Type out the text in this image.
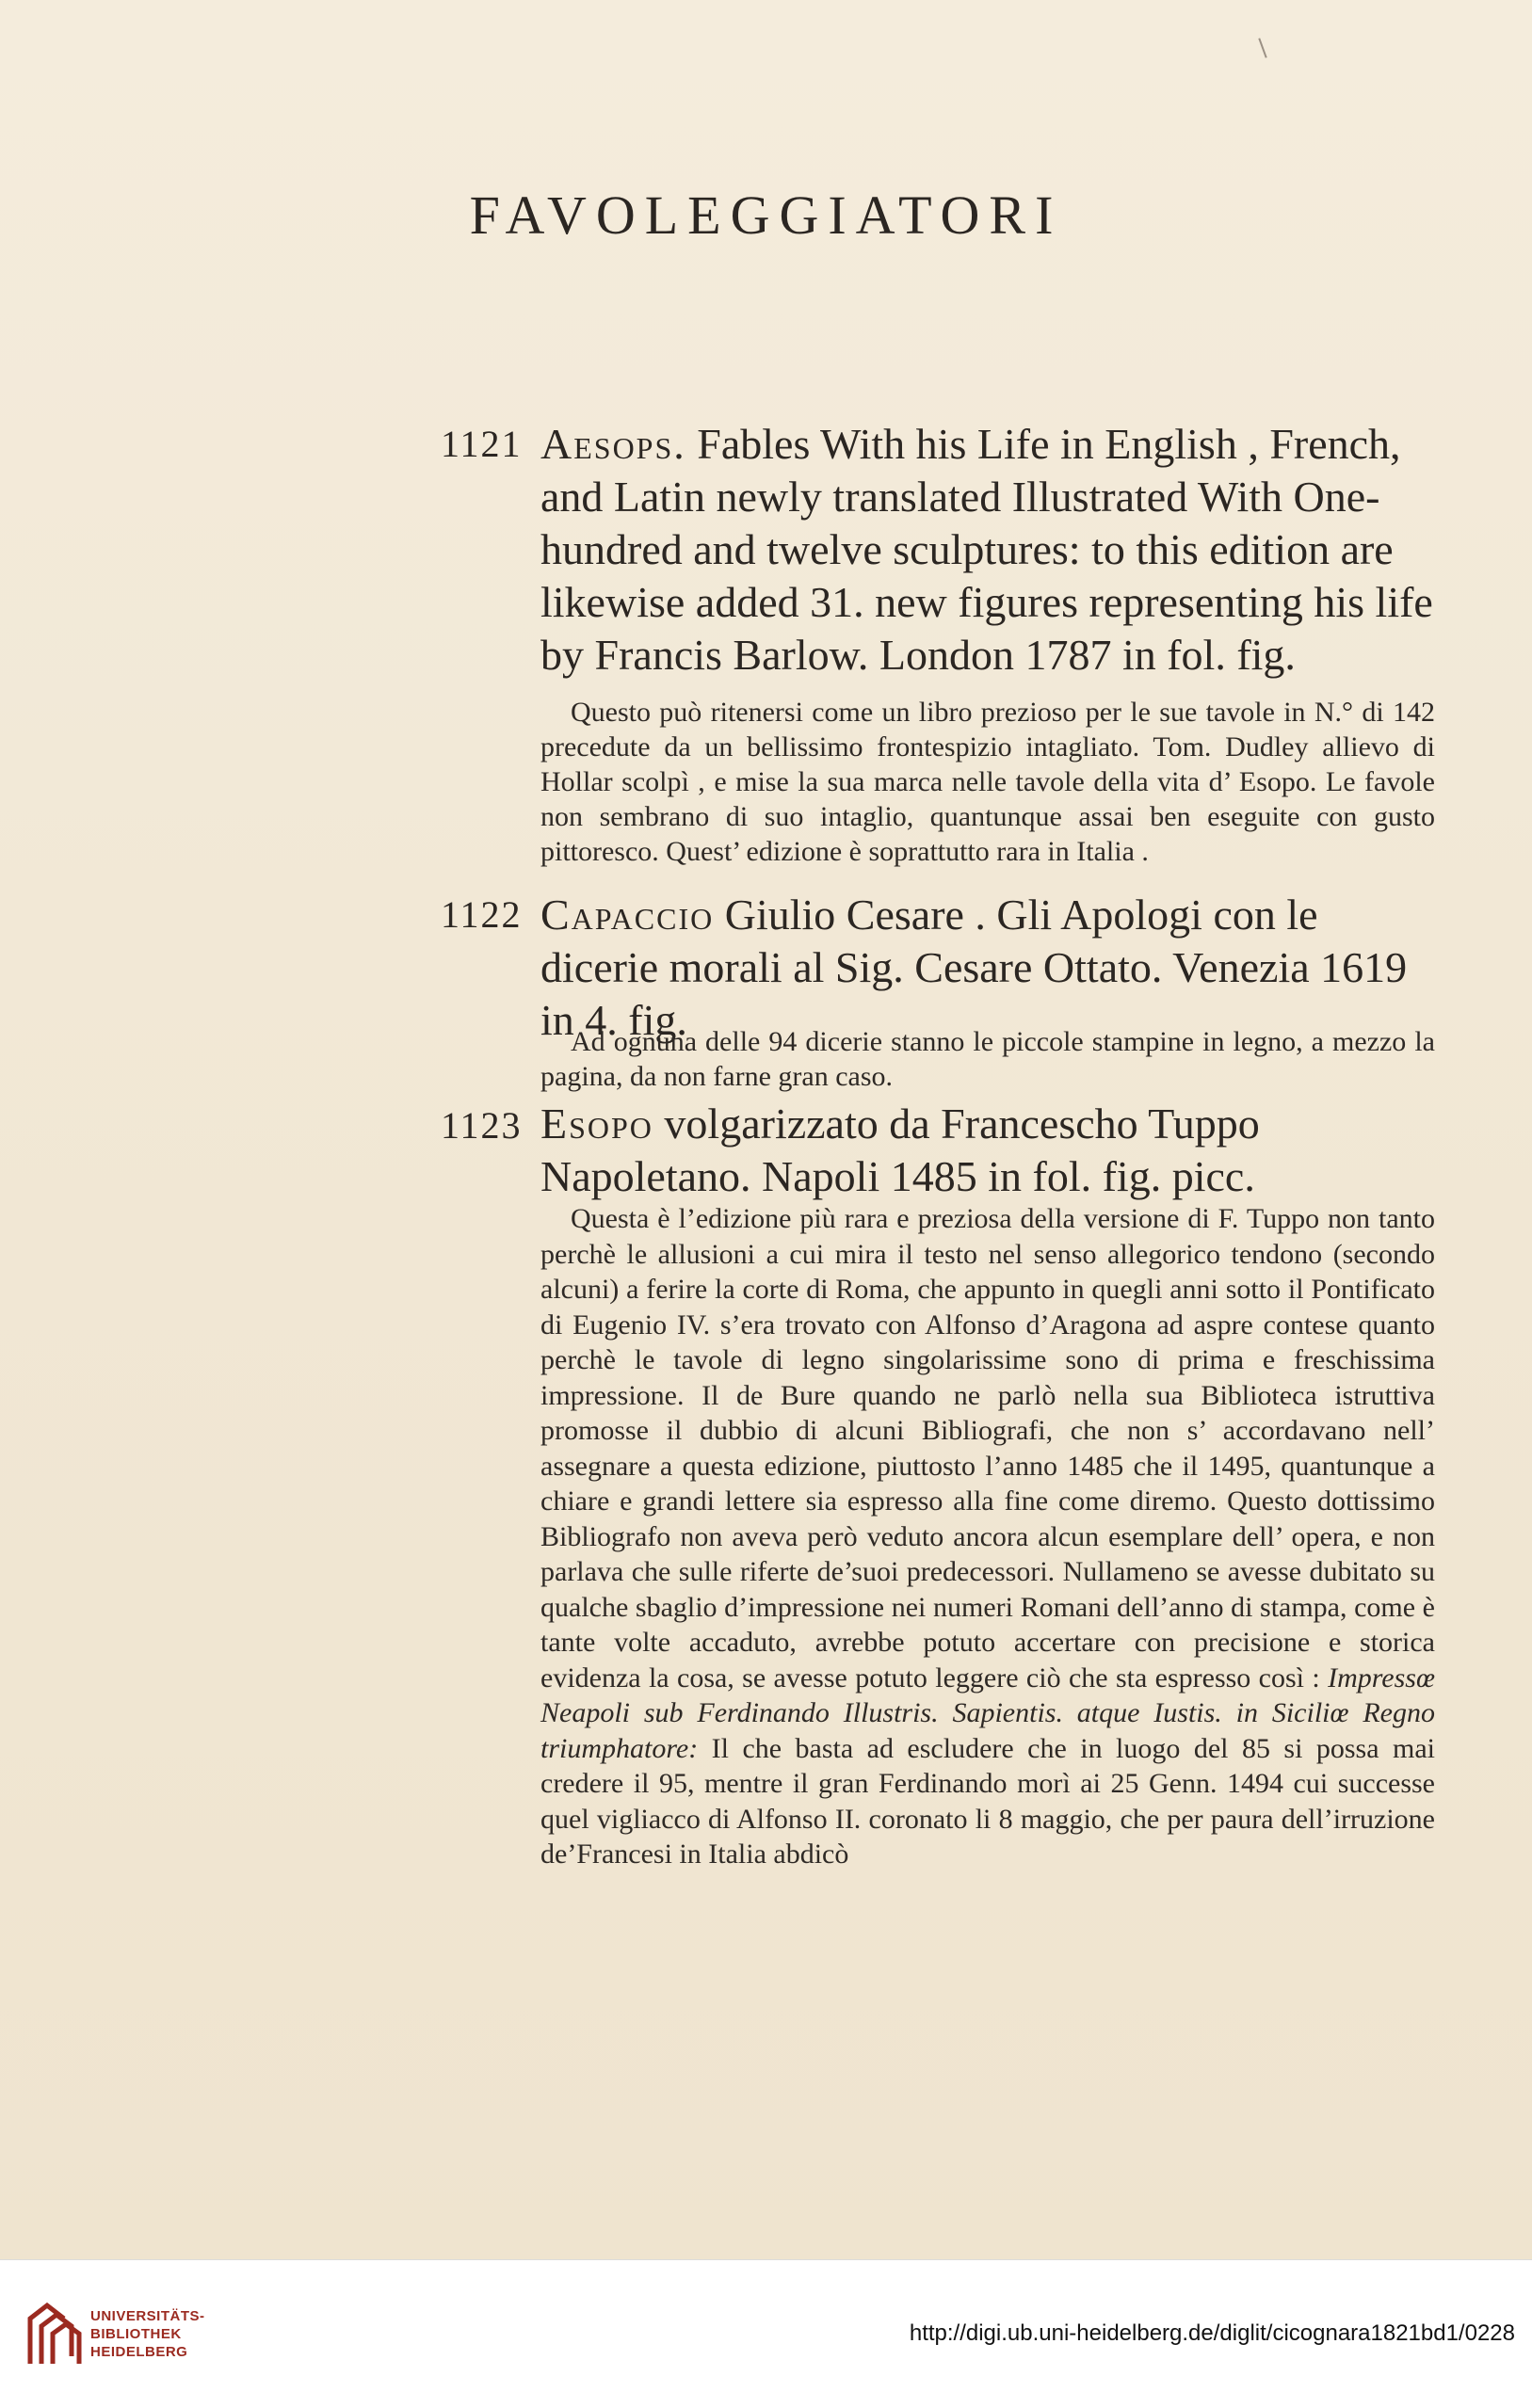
FAVOLEGGIATORI
1121 Aesops. Fables With his Life in English , French, and Latin newly translated Illustrated With One-hundred and twelve sculptures: to this edition are likewise added 31. new figures representing his life by Francis Barlow. London 1787 in fol. fig.

Questo può ritenersi come un libro prezioso per le sue tavole in N.° di 142 precedute da un bellissimo frontespizio intagliato. Tom. Dudley allievo di Hollar scolpì , e mise la sua marca nelle tavole della vita d’ Esopo. Le favole non sembrano di suo intaglio, quantunque assai ben eseguite con gusto pittoresco. Quest’ edizione è soprattutto rara in Italia .

1122 Capaccio Giulio Cesare . Gli Apologi con le dicerie morali al Sig. Cesare Ottato. Venezia 1619 in 4. fig.

Ad ognuna delle 94 dicerie stanno le piccole stampine in legno, a mezzo la pagina, da non farne gran caso.

1123 Esopo volgarizzato da Francescho Tuppo Napoletano. Napoli 1485 in fol. fig. picc.

Questa è l’edizione più rara e preziosa della versione di F. Tuppo non tanto perchè le allusioni a cui mira il testo nel senso allegorico tendono (secondo alcuni) a ferire la corte di Roma, che appunto in quegli anni sotto il Pontificato di Eugenio IV. s’era trovato con Alfonso d’Aragona ad aspre contese quanto perchè le tavole di legno singolarissime sono di prima e freschissima impressione. Il de Bure quando ne parlò nella sua Biblioteca istruttiva promosse il dubbio di alcuni Bibliografi, che non s’ accordavano nell’ assegnare a questa edizione, piuttosto l’anno 1485 che il 1495, quantunque a chiare e grandi lettere sia espresso alla fine come diremo. Questo dottissimo Bibliografo non aveva però veduto ancora alcun esemplare dell’ opera, e non parlava che sulle riferte de’suoi predecessori. Nullameno se avesse dubitato su qualche sbaglio d’impressione nei numeri Romani dell’anno di stampa, come è tante volte accaduto, avrebbe potuto accertare con precisione e storica evidenza la cosa, se avesse potuto leggere ciò che sta espresso così : Impressœ Neapoli sub Ferdinando Illustris. Sapientis. atque Iustis. in Siciliœ Regno triumphatore: Il che basta ad escludere che in luogo del 85 si possa mai credere il 95, mentre il gran Ferdinando morì ai 25 Genn. 1494 cui successe quel vigliacco di Alfonso II. coronato li 8 maggio, che per paura dell’irruzione de’Francesi in Italia abdicò

UNIVERSITÄTS-
BIBLIOTHEK
HEIDELBERG
http://digi.ub.uni-heidelberg.de/diglit/cicognara1821bd1/0228
